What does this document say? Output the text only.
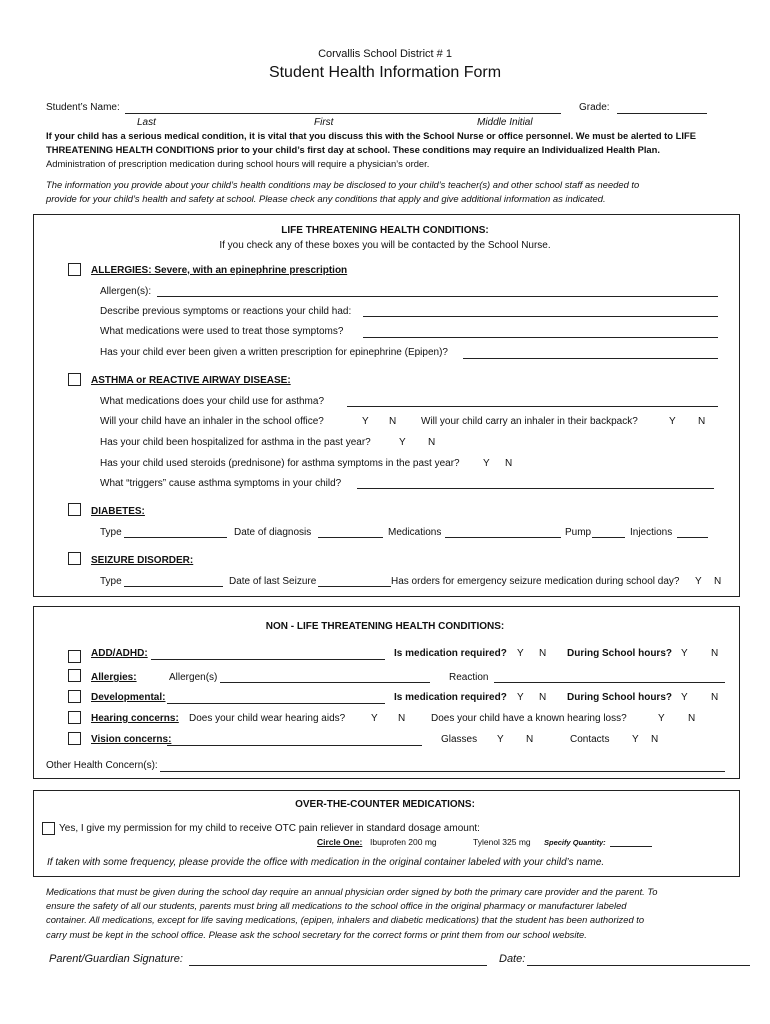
Corvallis School District # 1
Student Health Information Form
Student’s Name:	Grade:
Last	First	Middle Initial
If your child has a serious medical condition, it is vital that you discuss this with the School Nurse or office personnel. We must be alerted to LIFE
THREATENING HEALTH CONDITIONS prior to your child’s first day at school. These conditions may require an Individualized Health Plan.
Administration of prescription medication during school hours will require a physician’s order.
The information you provide about your child’s health conditions may be disclosed to your child’s teacher(s) and other school staff as needed to
provide for your child’s health and safety at school. Please check any conditions that apply and give additional information as indicated.
LIFE THREATENING HEALTH CONDITIONS:
If you check any of these boxes you will be contacted by the School Nurse.
ALLERGIES: Severe, with an epinephrine prescription
Allergen(s):
Describe previous symptoms or reactions your child had:
What medications were used to treat those symptoms?
Has your child ever been given a written prescription for epinephrine (Epipen)?
ASTHMA or REACTIVE AIRWAY DISEASE:
What medications does your child use for asthma?
Will your child have an inhaler in the school office?	Y N Will your child carry an inhaler in their backpack?	Y N
Has your child been hospitalized for asthma in the past year?	Y N
Has your child used steroids (prednisone) for asthma symptoms in the past year? Y N
What “triggers” cause asthma symptoms in your child?
DIABETES:
Type	Date of diagnosis	Medications	Pump	Injections
SEIZURE DISORDER:
Type	Date of last Seizure	Has orders for emergency seizure medication during school day? Y N
NON - LIFE THREATENING HEALTH CONDITIONS:
ADD/ADHD:	Is medication required? Y N During School hours? Y N
Allergies:	Allergen(s)	Reaction
Developmental:	Is medication required? Y N During School hours? Y N
Hearing concerns: Does your child wear hearing aids?	Y N	Does your child have a known hearing loss?	Y N
Vision concerns:	Glasses Y N	Contacts Y N
Other Health Concern(s):
OVER-THE-COUNTER MEDICATIONS:
Yes, I give my permission for my child to receive OTC pain reliever in standard dosage amount:
Circle One: Ibuprofen 200 mg	Tylenol 325 mg Specify Quantity:
If taken with some frequency, please provide the office with medication in the original container labeled with your child’s name.
Medications that must be given during the school day require an annual physician order signed by both the primary care provider and the parent. To
ensure the safety of all our students, parents must bring all medications to the school office in the original pharmacy or manufacturer labeled
container. All medications, except for life saving medications, (epipen, inhalers and diabetic medications) that the student has been authorized to
carry must be kept in the school office. Please ask the school secretary for the correct forms or print them from our school website.
Parent/Guardian Signature:	Date:
